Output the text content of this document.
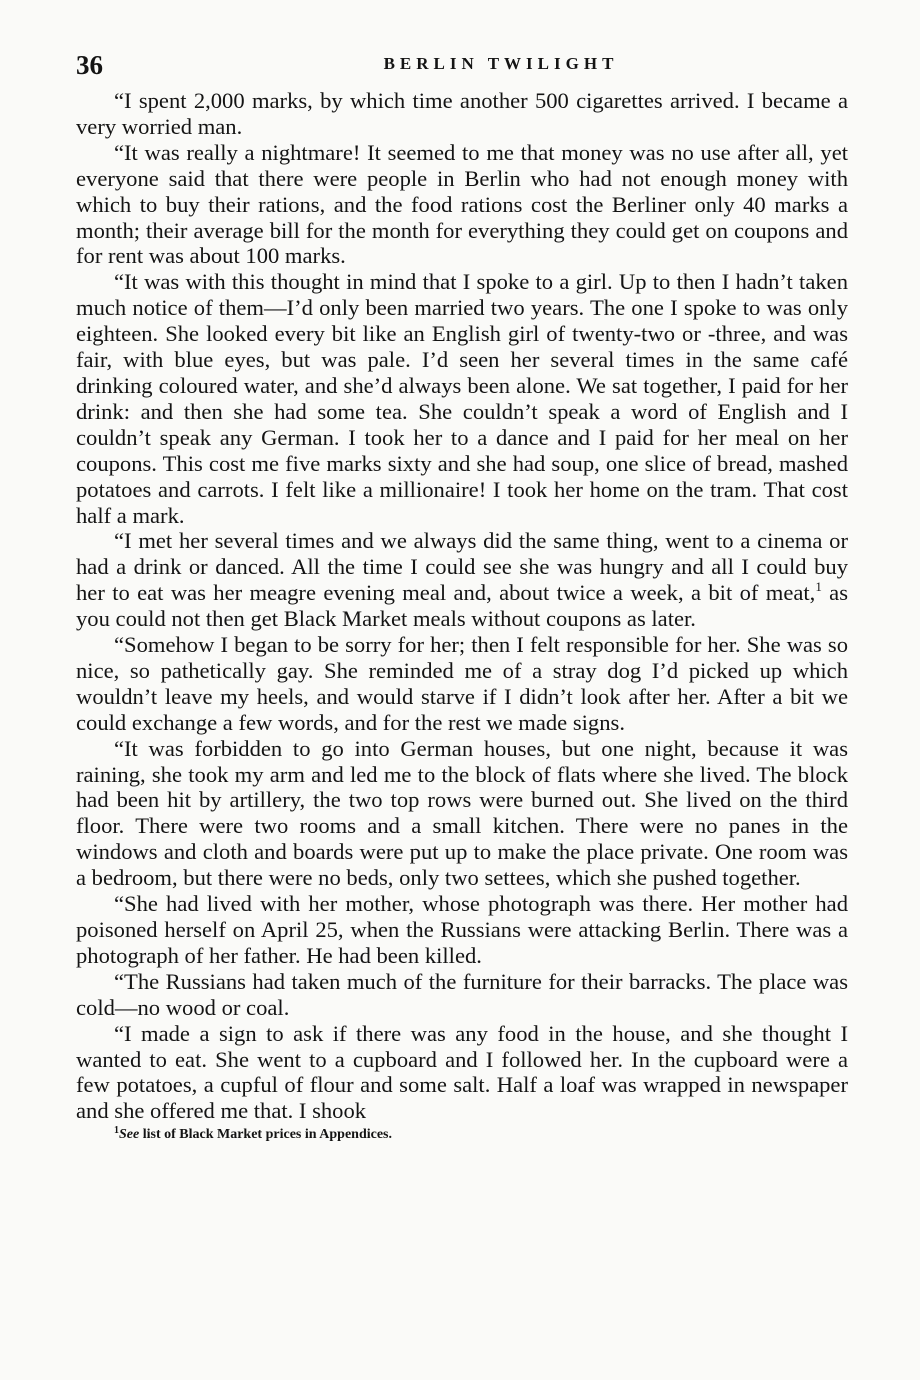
36	BERLIN TWILIGHT

“I spent 2,000 marks, by which time another 500 cigarettes arrived. I became a very worried man.

“It was really a nightmare! It seemed to me that money was no use after all, yet everyone said that there were people in Berlin who had not enough money with which to buy their rations, and the food rations cost the Berliner only 40 marks a month; their average bill for the month for everything they could get on coupons and for rent was about 100 marks.

“It was with this thought in mind that I spoke to a girl. Up to then I hadn’t taken much notice of them—I’d only been married two years. The one I spoke to was only eighteen. She looked every bit like an English girl of twenty-two or -three, and was fair, with blue eyes, but was pale. I’d seen her several times in the same café drinking coloured water, and she’d always been alone. We sat together, I paid for her drink: and then she had some tea. She couldn’t speak a word of English and I couldn’t speak any German. I took her to a dance and I paid for her meal on her coupons. This cost me five marks sixty and she had soup, one slice of bread, mashed potatoes and carrots. I felt like a millionaire! I took her home on the tram. That cost half a mark.

“I met her several times and we always did the same thing, went to a cinema or had a drink or danced. All the time I could see she was hungry and all I could buy her to eat was her meagre evening meal and, about twice a week, a bit of meat,$^1$ as you could not then get Black Market meals without coupons as later.

“Somehow I began to be sorry for her; then I felt responsible for her. She was so nice, so pathetically gay. She reminded me of a stray dog I’d picked up which wouldn’t leave my heels, and would starve if I didn’t look after her. After a bit we could exchange a few words, and for the rest we made signs.

“It was forbidden to go into German houses, but one night, because it was raining, she took my arm and led me to the block of flats where she lived. The block had been hit by artillery, the two top rows were burned out. She lived on the third floor. There were two rooms and a small kitchen. There were no panes in the windows and cloth and boards were put up to make the place private. One room was a bedroom, but there were no beds, only two settees, which she pushed together.

“She had lived with her mother, whose photograph was there. Her mother had poisoned herself on April 25, when the Russians were attacking Berlin. There was a photograph of her father. He had been killed.

“The Russians had taken much of the furniture for their barracks. The place was cold—no wood or coal.

“I made a sign to ask if there was any food in the house, and she thought I wanted to eat. She went to a cupboard and I followed her. In the cupboard were a few potatoes, a cupful of flour and some salt. Half a loaf was wrapped in newspaper and she offered me that. I shook

$^1$See list of Black Market prices in Appendices.
